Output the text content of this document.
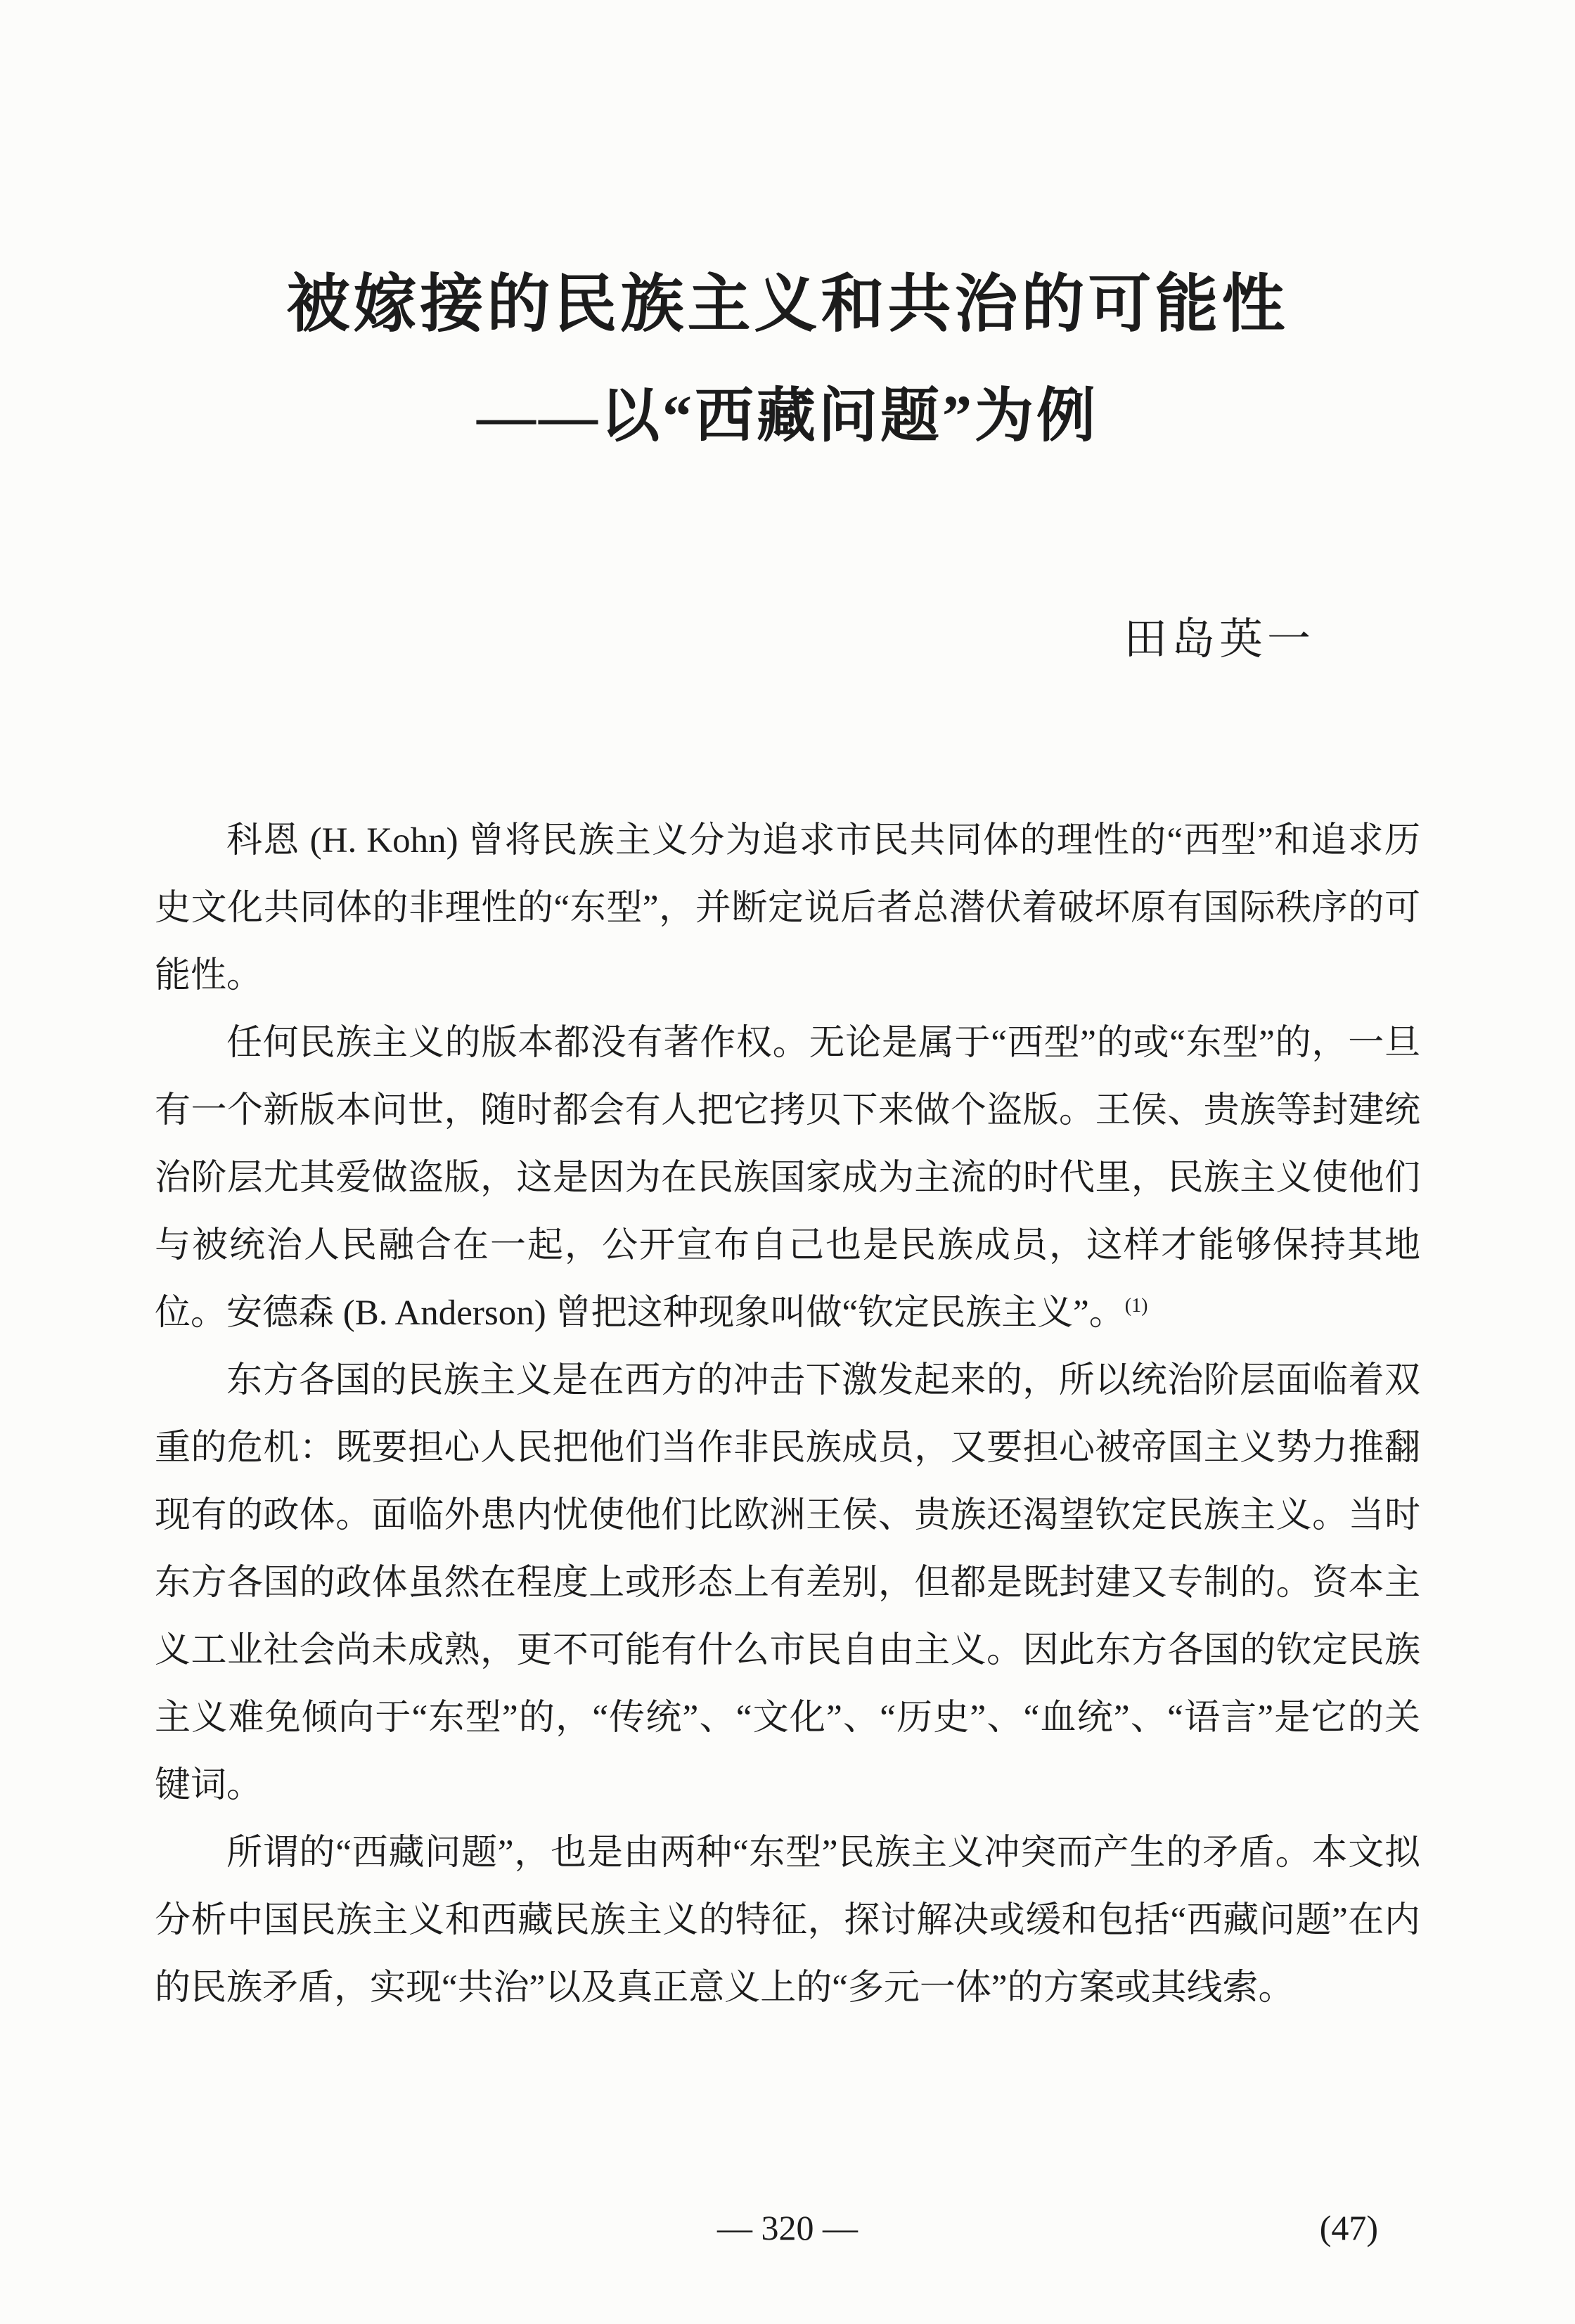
被嫁接的民族主义和共治的可能性
——以“西藏问题”为例
田岛英一

科恩 (H. Kohn) 曾将民族主义分为追求市民共同体的理性的“西型”和追求历史文化共同体的非理性的“东型”，并断定说后者总潜伏着破坏原有国际秩序的可能性。

任何民族主义的版本都没有著作权。无论是属于“西型”的或“东型”的，一旦有一个新版本问世，随时都会有人把它拷贝下来做个盗版。王侯、贵族等封建统治阶层尤其爱做盗版，这是因为在民族国家成为主流的时代里，民族主义使他们与被统治人民融合在一起，公开宣布自己也是民族成员，这样才能够保持其地位。安德森 (B. Anderson) 曾把这种现象叫做“钦定民族主义”。$^{(1)}$

东方各国的民族主义是在西方的冲击下激发起来的，所以统治阶层面临着双重的危机：既要担心人民把他们当作非民族成员，又要担心被帝国主义势力推翻现有的政体。面临外患内忧使他们比欧洲王侯、贵族还渴望钦定民族主义。当时东方各国的政体虽然在程度上或形态上有差别，但都是既封建又专制的。资本主义工业社会尚未成熟，更不可能有什么市民自由主义。因此东方各国的钦定民族主义难免倾向于“东型”的，“传统”、“文化”、“历史”、“血统”、“语言”是它的关键词。

所谓的“西藏问题”，也是由两种“东型”民族主义冲突而产生的矛盾。本文拟分析中国民族主义和西藏民族主义的特征，探讨解决或缓和包括“西藏问题”在内的民族矛盾，实现“共治”以及真正意义上的“多元一体”的方案或其线索。

— 320 —	(47)
